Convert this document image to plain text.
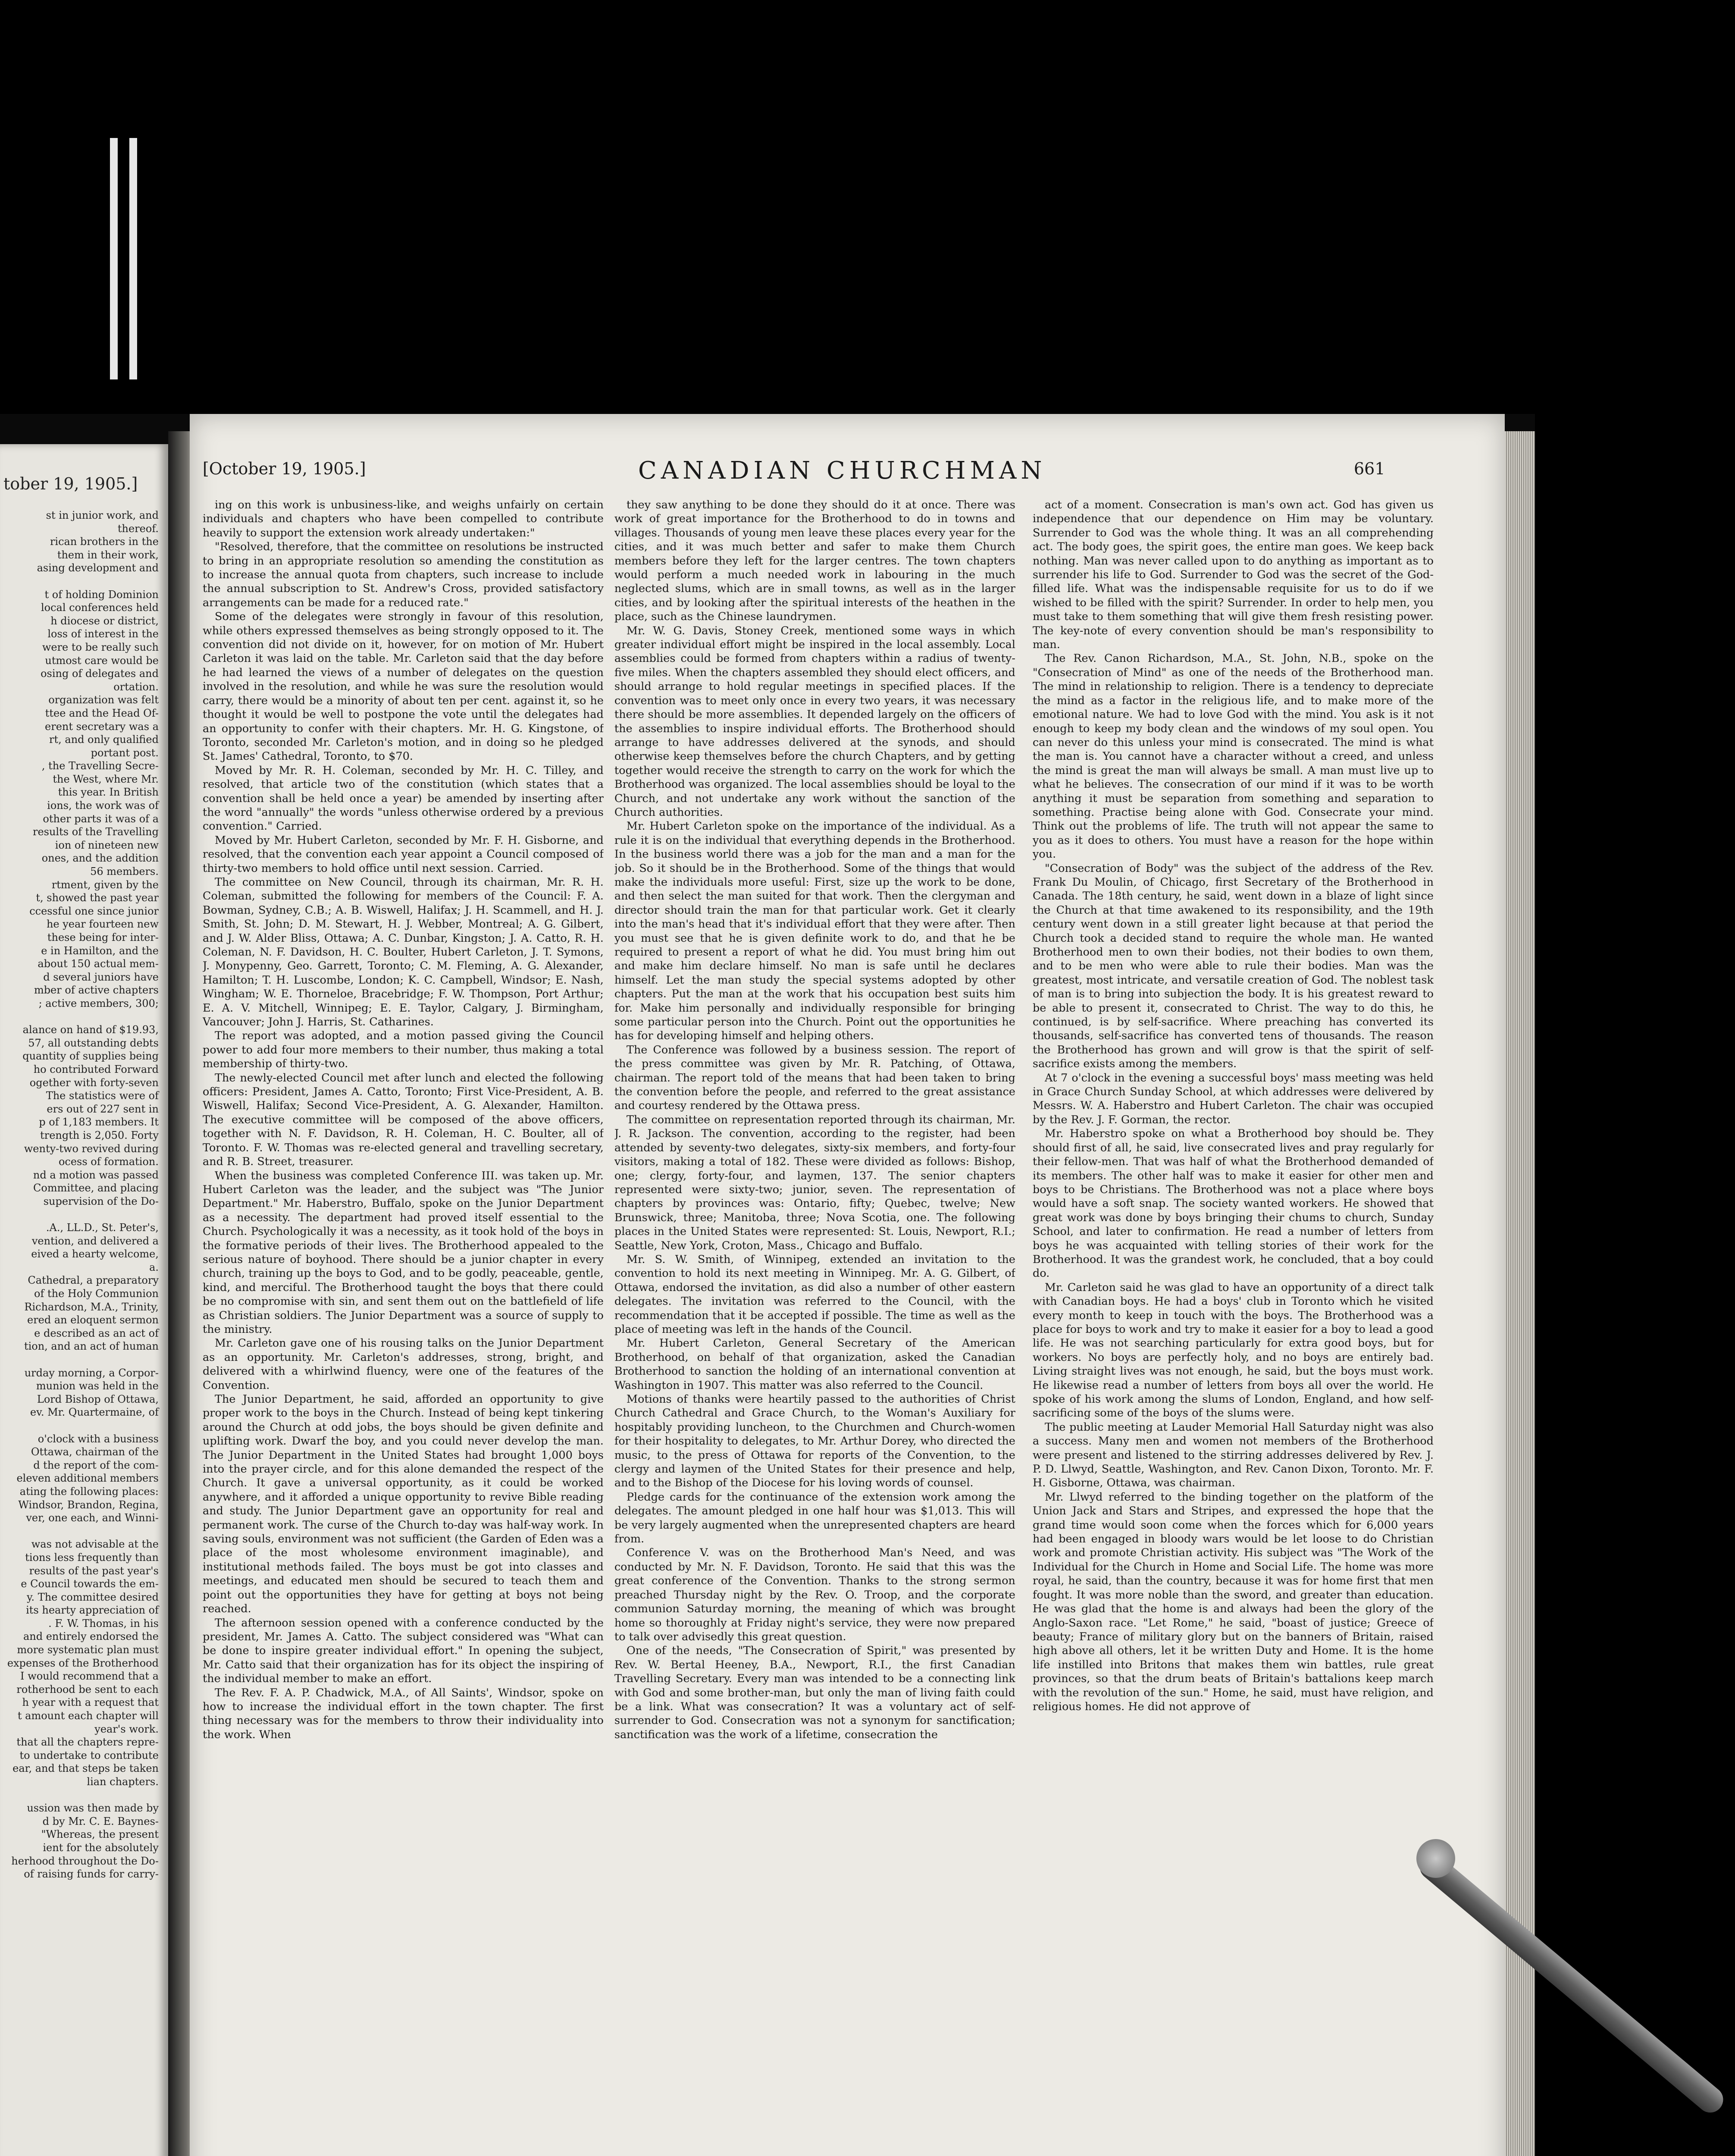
tober 19, 1905.]
st in junior work, and
thereof.
rican brothers in the
them in their work,
asing development and

t of holding Dominion
local conferences held
h diocese or district,
loss of interest in the
were to be really such
utmost care would be
osing of delegates and
ortation.
organization was felt
ttee and the Head Of-
erent secretary was a
rt, and only qualified
portant post.
, the Travelling Secre-
the West, where Mr.
this year. In British
ions, the work was of
other parts it was of a
results of the Travelling
ion of nineteen new
ones, and the addition
56 members.
rtment, given by the
t, showed the past year
ccessful one since junior
he year fourteen new
these being for inter-
e in Hamilton, and the
about 150 actual mem-
d several juniors have
mber of active chapters
; active members, 300;

alance on hand of $19.93,
57, all outstanding debts
quantity of supplies being
ho contributed Forward
ogether with forty-seven
The statistics were of
ers out of 227 sent in
p of 1,183 members. It
trength is 2,050. Forty
wenty-two revived during
ocess of formation.
nd a motion was passed
Committee, and placing
supervision of the Do-

.A., LL.D., St. Peter's,
vention, and delivered a
eived a hearty welcome,
a.
Cathedral, a preparatory
of the Holy Communion
Richardson, M.A., Trinity,
ered an eloquent sermon
e described as an act of
tion, and an act of human

urday morning, a Corpor-
munion was held in the
Lord Bishop of Ottawa,
ev. Mr. Quartermaine, of

o'clock with a business
Ottawa, chairman of the
d the report of the com-
eleven additional members
ating the following places:
Windsor, Brandon, Regina,
ver, one each, and Winni-

was not advisable at the
tions less frequently than
results of the past year's
e Council towards the em-
y. The committee desired
its hearty appreciation of
. F. W. Thomas, in his
and entirely endorsed the
more systematic plan must
expenses of the Brotherhood
I would recommend that a
rotherhood be sent to each
h year with a request that
t amount each chapter will
year's work.
that all the chapters repre-
to undertake to contribute
ear, and that steps be taken
lian chapters.

ussion was then made by
d by Mr. C. E. Baynes-
"Whereas, the present
ient for the absolutely
herhood throughout the Do-
of raising funds for carry-
[October 19, 1905.]	CANADIAN CHURCHMAN	661

ing on this work is unbusiness-like, and weighs unfairly on certain individuals and chapters who have been compelled to contribute heavily to support the extension work already undertaken:"

"Resolved, therefore, that the committee on resolutions be instructed to bring in an appropriate resolution so amending the constitution as to increase the annual quota from chapters, such increase to include the annual subscription to St. Andrew's Cross, provided satisfactory arrangements can be made for a reduced rate."

Some of the delegates were strongly in favour of this resolution, while others expressed themselves as being strongly opposed to it. The convention did not divide on it, however, for on motion of Mr. Hubert Carleton it was laid on the table. Mr. Carleton said that the day before he had learned the views of a number of delegates on the question involved in the resolution, and while he was sure the resolution would carry, there would be a minority of about ten per cent. against it, so he thought it would be well to postpone the vote until the delegates had an opportunity to confer with their chapters. Mr. H. G. Kingstone, of Toronto, seconded Mr. Carleton's motion, and in doing so he pledged St. James' Cathedral, Toronto, to $70.

Moved by Mr. R. H. Coleman, seconded by Mr. H. C. Tilley, and resolved, that article two of the constitution (which states that a convention shall be held once a year) be amended by inserting after the word "annually" the words "unless otherwise ordered by a previous convention." Carried.

Moved by Mr. Hubert Carleton, seconded by Mr. F. H. Gisborne, and resolved, that the convention each year appoint a Council composed of thirty-two members to hold office until next session. Carried.

The committee on New Council, through its chairman, Mr. R. H. Coleman, submitted the following for members of the Council: F. A. Bowman, Sydney, C.B.; A. B. Wiswell, Halifax; J. H. Scammell, and H. J. Smith, St. John; D. M. Stewart, H. J. Webber, Montreal; A. G. Gilbert, and J. W. Alder Bliss, Ottawa; A. C. Dunbar, Kingston; J. A. Catto, R. H. Coleman, N. F. Davidson, H. C. Boulter, Hubert Carleton, J. T. Symons, J. Monypenny, Geo. Garrett, Toronto; C. M. Fleming, A. G. Alexander, Hamilton; T. H. Luscombe, London; K. C. Campbell, Windsor; E. Nash, Wingham; W. E. Thorneloe, Bracebridge; F. W. Thompson, Port Arthur; E. A. V. Mitchell, Winnipeg; E. E. Taylor, Calgary, J. Birmingham, Vancouver; John J. Harris, St. Catharines.

The report was adopted, and a motion passed giving the Council power to add four more members to their number, thus making a total membership of thirty-two.

The newly-elected Council met after lunch and elected the following officers: President, James A. Catto, Toronto; First Vice-President, A. B. Wiswell, Halifax; Second Vice-President, A. G. Alexander, Hamilton. The executive committee will be composed of the above officers, together with N. F. Davidson, R. H. Coleman, H. C. Boulter, all of Toronto. F. W. Thomas was re-elected general and travelling secretary, and R. B. Street, treasurer.

When the business was completed Conference III. was taken up. Mr. Hubert Carleton was the leader, and the subject was "The Junior Department." Mr. Haberstro, Buffalo, spoke on the Junior Department as a necessity. The department had proved itself essential to the Church. Psychologically it was a necessity, as it took hold of the boys in the formative periods of their lives. The Brotherhood appealed to the serious nature of boyhood. There should be a junior chapter in every church, training up the boys to God, and to be godly, peaceable, gentle, kind, and merciful. The Brotherhood taught the boys that there could be no compromise with sin, and sent them out on the battlefield of life as Christian soldiers. The Junior Department was a source of supply to the ministry.

Mr. Carleton gave one of his rousing talks on the Junior Department as an opportunity. Mr. Carleton's addresses, strong, bright, and delivered with a whirlwind fluency, were one of the features of the Convention.

The Junior Department, he said, afforded an opportunity to give proper work to the boys in the Church. Instead of being kept tinkering around the Church at odd jobs, the boys should be given definite and uplifting work. Dwarf the boy, and you could never develop the man. The Junior Department in the United States had brought 1,000 boys into the prayer circle, and for this alone demanded the respect of the Church. It gave a universal opportunity, as it could be worked anywhere, and it afforded a unique opportunity to revive Bible reading and study. The Junior Department gave an opportunity for real and permanent work. The curse of the Church to-day was half-way work. In saving souls, environment was not sufficient (the Garden of Eden was a place of the most wholesome environment imaginable), and institutional methods failed. The boys must be got into classes and meetings, and educated men should be secured to teach them and point out the opportunities they have for getting at boys not being reached.

The afternoon session opened with a conference conducted by the president, Mr. James A. Catto. The subject considered was "What can be done to inspire greater individual effort." In opening the subject, Mr. Catto said that their organization has for its object the inspiring of the individual member to make an effort.

The Rev. F. A. P. Chadwick, M.A., of All Saints', Windsor, spoke on how to increase the individual effort in the town chapter. The first thing necessary was for the members to throw their individuality into the work. When

they saw anything to be done they should do it at once. There was work of great importance for the Brotherhood to do in towns and villages. Thousands of young men leave these places every year for the cities, and it was much better and safer to make them Church members before they left for the larger centres. The town chapters would perform a much needed work in labouring in the much neglected slums, which are in small towns, as well as in the larger cities, and by looking after the spiritual interests of the heathen in the place, such as the Chinese laundrymen.

Mr. W. G. Davis, Stoney Creek, mentioned some ways in which greater individual effort might be inspired in the local assembly. Local assemblies could be formed from chapters within a radius of twenty-five miles. When the chapters assembled they should elect officers, and should arrange to hold regular meetings in specified places. If the convention was to meet only once in every two years, it was necessary there should be more assemblies. It depended largely on the officers of the assemblies to inspire individual efforts. The Brotherhood should arrange to have addresses delivered at the synods, and should otherwise keep themselves before the church Chapters, and by getting together would receive the strength to carry on the work for which the Brotherhood was organized. The local assemblies should be loyal to the Church, and not undertake any work without the sanction of the Church authorities.

Mr. Hubert Carleton spoke on the importance of the individual. As a rule it is on the individual that everything depends in the Brotherhood. In the business world there was a job for the man and a man for the job. So it should be in the Brotherhood. Some of the things that would make the individuals more useful: First, size up the work to be done, and then select the man suited for that work. Then the clergyman and director should train the man for that particular work. Get it clearly into the man's head that it's individual effort that they were after. Then you must see that he is given definite work to do, and that he be required to present a report of what he did. You must bring him out and make him declare himself. No man is safe until he declares himself. Let the man study the special systems adopted by other chapters. Put the man at the work that his occupation best suits him for. Make him personally and individually responsible for bringing some particular person into the Church. Point out the opportunities he has for developing himself and helping others.

The Conference was followed by a business session. The report of the press committee was given by Mr. R. Patching, of Ottawa, chairman. The report told of the means that had been taken to bring the convention before the people, and referred to the great assistance and courtesy rendered by the Ottawa press.

The committee on representation reported through its chairman, Mr. J. R. Jackson. The convention, according to the register, had been attended by seventy-two delegates, sixty-six members, and forty-four visitors, making a total of 182. These were divided as follows: Bishop, one; clergy, forty-four, and laymen, 137. The senior chapters represented were sixty-two; junior, seven. The representation of chapters by provinces was: Ontario, fifty; Quebec, twelve; New Brunswick, three; Manitoba, three; Nova Scotia, one. The following places in the United States were represented: St. Louis, Newport, R.I.; Seattle, New York, Croton, Mass., Chicago and Buffalo.

Mr. S. W. Smith, of Winnipeg, extended an invitation to the convention to hold its next meeting in Winnipeg. Mr. A. G. Gilbert, of Ottawa, endorsed the invitation, as did also a number of other eastern delegates. The invitation was referred to the Council, with the recommendation that it be accepted if possible. The time as well as the place of meeting was left in the hands of the Council.

Mr. Hubert Carleton, General Secretary of the American Brotherhood, on behalf of that organization, asked the Canadian Brotherhood to sanction the holding of an international convention at Washington in 1907. This matter was also referred to the Council.

Motions of thanks were heartily passed to the authorities of Christ Church Cathedral and Grace Church, to the Woman's Auxiliary for hospitably providing luncheon, to the Churchmen and Church-women for their hospitality to delegates, to Mr. Arthur Dorey, who directed the music, to the press of Ottawa for reports of the Convention, to the clergy and laymen of the United States for their presence and help, and to the Bishop of the Diocese for his loving words of counsel.

Pledge cards for the continuance of the extension work among the delegates. The amount pledged in one half hour was $1,013. This will be very largely augmented when the unrepresented chapters are heard from.

Conference V. was on the Brotherhood Man's Need, and was conducted by Mr. N. F. Davidson, Toronto. He said that this was the great conference of the Convention. Thanks to the strong sermon preached Thursday night by the Rev. O. Troop, and the corporate communion Saturday morning, the meaning of which was brought home so thoroughly at Friday night's service, they were now prepared to talk over advisedly this great question.

One of the needs, "The Consecration of Spirit," was presented by Rev. W. Bertal Heeney, B.A., Newport, R.I., the first Canadian Travelling Secretary. Every man was intended to be a connecting link with God and some brother-man, but only the man of living faith could be a link. What was consecration? It was a voluntary act of self-surrender to God. Consecration was not a synonym for sanctification; sanctification was the work of a lifetime, consecration the

act of a moment. Consecration is man's own act. God has given us independence that our dependence on Him may be voluntary. Surrender to God was the whole thing. It was an all comprehending act. The body goes, the spirit goes, the entire man goes. We keep back nothing. Man was never called upon to do anything as important as to surrender his life to God. Surrender to God was the secret of the God-filled life. What was the indispensable requisite for us to do if we wished to be filled with the spirit? Surrender. In order to help men, you must take to them something that will give them fresh resisting power. The key-note of every convention should be man's responsibility to man.

The Rev. Canon Richardson, M.A., St. John, N.B., spoke on the "Consecration of Mind" as one of the needs of the Brotherhood man. The mind in relationship to religion. There is a tendency to depreciate the mind as a factor in the religious life, and to make more of the emotional nature. We had to love God with the mind. You ask is it not enough to keep my body clean and the windows of my soul open. You can never do this unless your mind is consecrated. The mind is what the man is. You cannot have a character without a creed, and unless the mind is great the man will always be small. A man must live up to what he believes. The consecration of our mind if it was to be worth anything it must be separation from something and separation to something. Practise being alone with God. Consecrate your mind. Think out the problems of life. The truth will not appear the same to you as it does to others. You must have a reason for the hope within you.

"Consecration of Body" was the subject of the address of the Rev. Frank Du Moulin, of Chicago, first Secretary of the Brotherhood in Canada. The 18th century, he said, went down in a blaze of light since the Church at that time awakened to its responsibility, and the 19th century went down in a still greater light because at that period the Church took a decided stand to require the whole man. He wanted Brotherhood men to own their bodies, not their bodies to own them, and to be men who were able to rule their bodies. Man was the greatest, most intricate, and versatile creation of God. The noblest task of man is to bring into subjection the body. It is his greatest reward to be able to present it, consecrated to Christ. The way to do this, he continued, is by self-sacrifice. Where preaching has converted its thousands, self-sacrifice has converted tens of thousands. The reason the Brotherhood has grown and will grow is that the spirit of self-sacrifice exists among the members.

At 7 o'clock in the evening a successful boys' mass meeting was held in Grace Church Sunday School, at which addresses were delivered by Messrs. W. A. Haberstro and Hubert Carleton. The chair was occupied by the Rev. J. F. Gorman, the rector.

Mr. Haberstro spoke on what a Brotherhood boy should be. They should first of all, he said, live consecrated lives and pray regularly for their fellow-men. That was half of what the Brotherhood demanded of its members. The other half was to make it easier for other men and boys to be Christians. The Brotherhood was not a place where boys would have a soft snap. The society wanted workers. He showed that great work was done by boys bringing their chums to church, Sunday School, and later to confirmation. He read a number of letters from boys he was acquainted with telling stories of their work for the Brotherhood. It was the grandest work, he concluded, that a boy could do.

Mr. Carleton said he was glad to have an opportunity of a direct talk with Canadian boys. He had a boys' club in Toronto which he visited every month to keep in touch with the boys. The Brotherhood was a place for boys to work and try to make it easier for a boy to lead a good life. He was not searching particularly for extra good boys, but for workers. No boys are perfectly holy, and no boys are entirely bad. Living straight lives was not enough, he said, but the boys must work. He likewise read a number of letters from boys all over the world. He spoke of his work among the slums of London, England, and how self-sacrificing some of the boys of the slums were.

The public meeting at Lauder Memorial Hall Saturday night was also a success. Many men and women not members of the Brotherhood were present and listened to the stirring addresses delivered by Rev. J. P. D. Llwyd, Seattle, Washington, and Rev. Canon Dixon, Toronto. Mr. F. H. Gisborne, Ottawa, was chairman.

Mr. Llwyd referred to the binding together on the platform of the Union Jack and Stars and Stripes, and expressed the hope that the grand time would soon come when the forces which for 6,000 years had been engaged in bloody wars would be let loose to do Christian work and promote Christian activity. His subject was "The Work of the Individual for the Church in Home and Social Life. The home was more royal, he said, than the country, because it was for home first that men fought. It was more noble than the sword, and greater than education. He was glad that the home is and always had been the glory of the Anglo-Saxon race. "Let Rome," he said, "boast of justice; Greece of beauty; France of military glory but on the banners of Britain, raised high above all others, let it be written Duty and Home. It is the home life instilled into Britons that makes them win battles, rule great provinces, so that the drum beats of Britain's battalions keep march with the revolution of the sun." Home, he said, must have religion, and religious homes. He did not approve of
